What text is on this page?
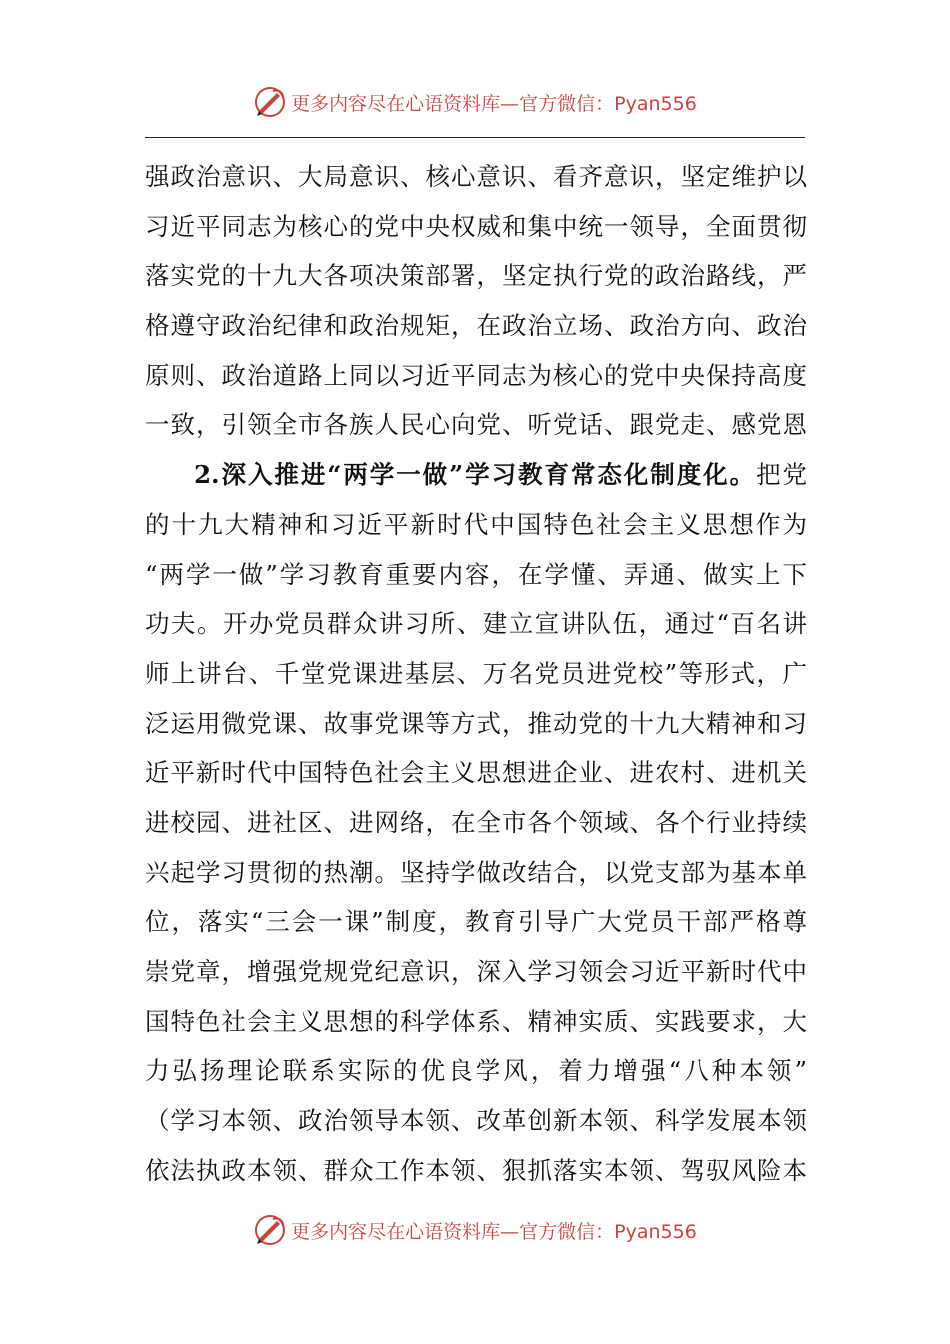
更多内容尽在心语资料库—官方微信：Pyan556
强政治意识、大局意识、核心意识、看齐意识，坚定维护以
习近平同志为核心的党中央权威和集中统一领导，全面贯彻
落实党的十九大各项决策部署，坚定执行党的政治路线，严
格遵守政治纪律和政治规矩，在政治立场、政治方向、政治
原则、政治道路上同以习近平同志为核心的党中央保持高度
一致，引领全市各族人民心向党、听党话、跟党走、感党恩
2.深入推进“两学一做”学习教育常态化制度化。把党
的十九大精神和习近平新时代中国特色社会主义思想作为
“两学一做”学习教育重要内容，在学懂、弄通、做实上下
功夫。开办党员群众讲习所、建立宣讲队伍，通过“百名讲
师上讲台、千堂党课进基层、万名党员进党校”等形式，广
泛运用微党课、故事党课等方式，推动党的十九大精神和习
近平新时代中国特色社会主义思想进企业、进农村、进机关
进校园、进社区、进网络，在全市各个领域、各个行业持续
兴起学习贯彻的热潮。坚持学做改结合，以党支部为基本单
位，落实“三会一课”制度，教育引导广大党员干部严格尊
崇党章，增强党规党纪意识，深入学习领会习近平新时代中
国特色社会主义思想的科学体系、精神实质、实践要求，大
力弘扬理论联系实际的优良学风，着力增强“八种本领”
（学习本领、政治领导本领、改革创新本领、科学发展本领
依法执政本领、群众工作本领、狠抓落实本领、驾驭风险本
更多内容尽在心语资料库—官方微信：Pyan556
